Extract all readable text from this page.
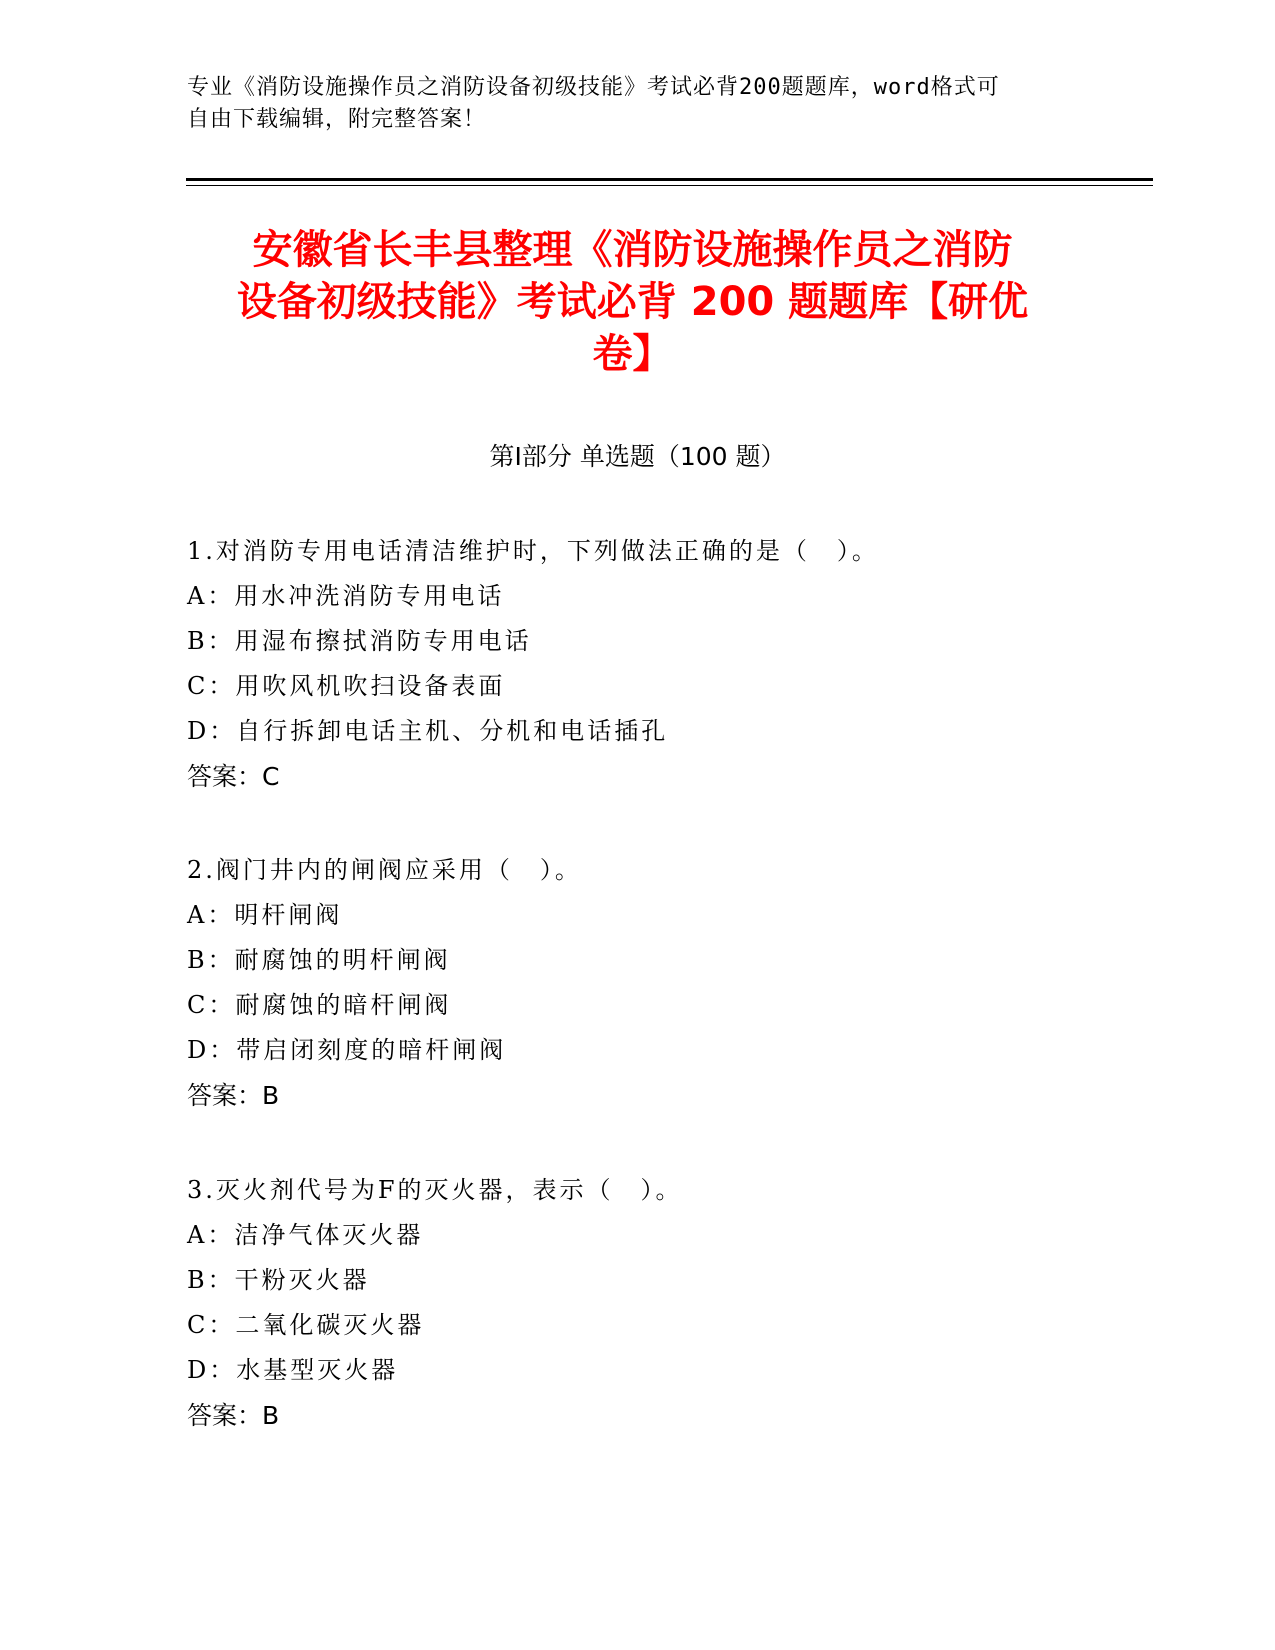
专业《消防设施操作员之消防设备初级技能》考试必背200题题库，word格式可
自由下载编辑，附完整答案！
安徽省长丰县整理《消防设施操作员之消防
设备初级技能》考试必背 200 题题库【研优
卷】
第Ⅰ部分 单选题（100 题）
1.对消防专用电话清洁维护时，下列做法正确的是（　）。
A：用水冲洗消防专用电话
B：用湿布擦拭消防专用电话
C：用吹风机吹扫设备表面
D：自行拆卸电话主机、分机和电话插孔
答案：C
2.阀门井内的闸阀应采用（　）。
A：明杆闸阀
B：耐腐蚀的明杆闸阀
C：耐腐蚀的暗杆闸阀
D：带启闭刻度的暗杆闸阀
答案：B
3.灭火剂代号为F的灭火器，表示（　）。
A：洁净气体灭火器
B：干粉灭火器
C：二氧化碳灭火器
D：水基型灭火器
答案：B
